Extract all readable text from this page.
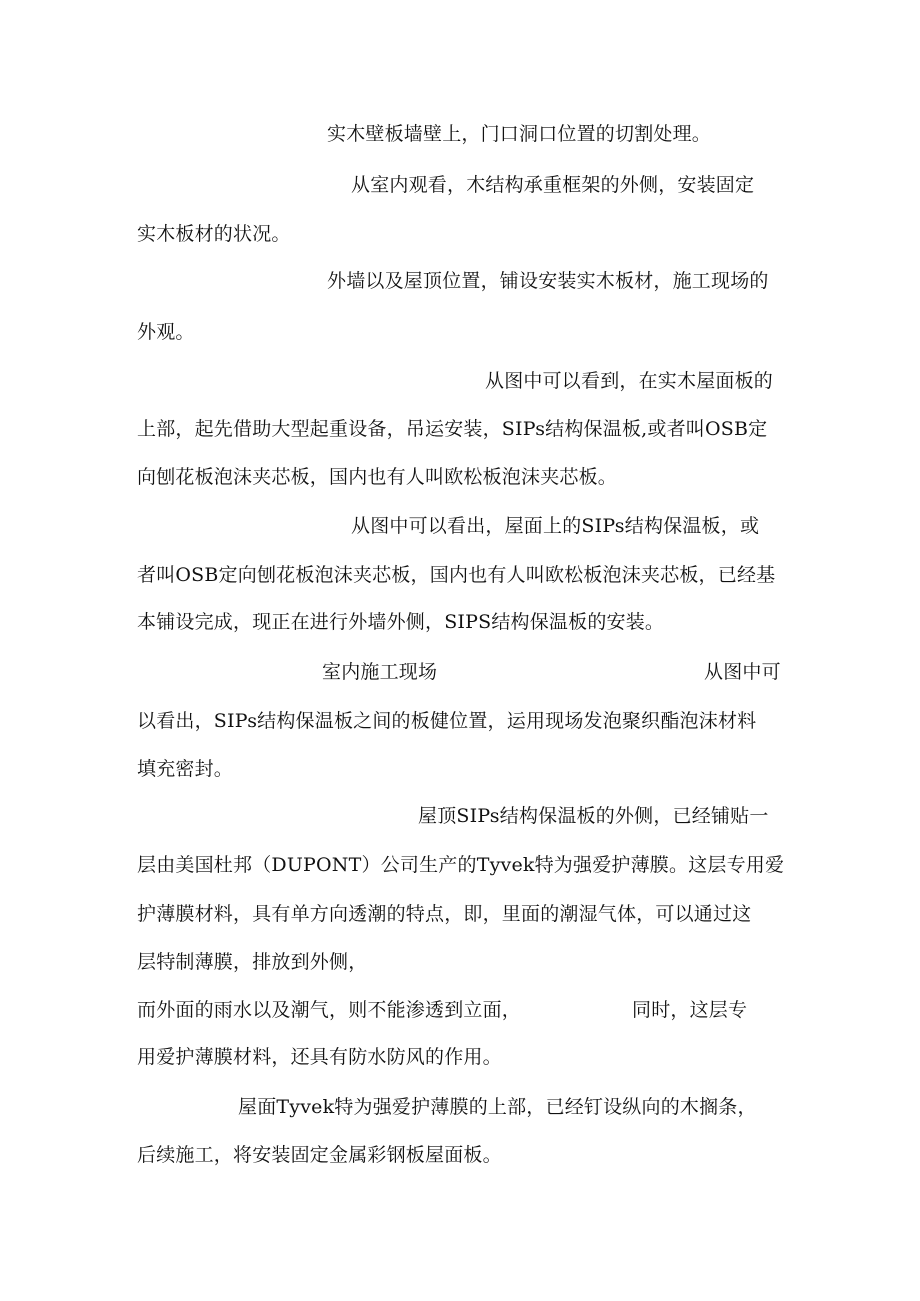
实木壁板墙壁上，门口洞口位置的切割处理。
从室内观看，木结构承重框架的外侧，安装固定
实木板材的状况。
外墙以及屋顶位置，铺设安装实木板材，施工现场的
外观。
从图中可以看到，在实木屋面板的
上部，起先借助大型起重设备，吊运安装，SIPs结构保温板,或者叫OSB定
向刨花板泡沫夹芯板，国内也有人叫欧松板泡沫夹芯板。
从图中可以看出，屋面上的SIPs结构保温板，或
者叫OSB定向刨花板泡沫夹芯板，国内也有人叫欧松板泡沫夹芯板，已经基
本铺设完成，现正在进行外墙外侧，SIPS结构保温板的安装。
室内施工现场	从图中可
以看出，SIPs结构保温板之间的板健位置，运用现场发泡聚织酯泡沫材料
填充密封。
屋顶SIPs结构保温板的外侧，已经铺贴一
层由美国杜邦（DUPONT）公司生产的Tyvek特为强爱护薄膜。这层专用爱
护薄膜材料，具有单方向透潮的特点，即，里面的潮湿气体，可以通过这
层特制薄膜，排放到外侧，
而外面的雨水以及潮气，则不能渗透到立面，	同时，这层专
用爱护薄膜材料，还具有防水防风的作用。
屋面Tyvek特为强爱护薄膜的上部，已经钉设纵向的木搁条，
后续施工，将安装固定金属彩钢板屋面板。
